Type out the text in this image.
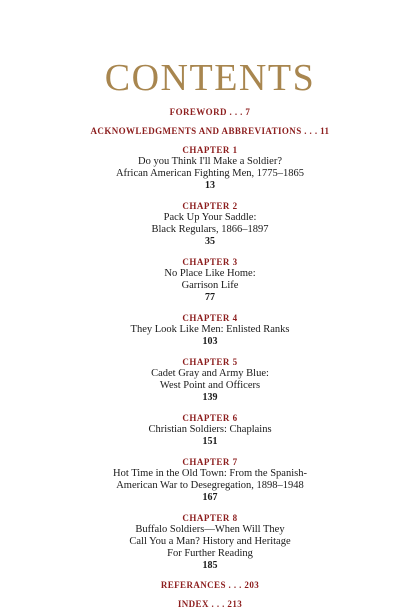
CONTENTS
FOREWORD . . . 7
ACKNOWLEDGMENTS AND ABBREVIATIONS . . . 11
CHAPTER 1
Do you Think I'll Make a Soldier?
African American Fighting Men, 1775–1865
13
CHAPTER 2
Pack Up Your Saddle:
Black Regulars, 1866–1897
35
CHAPTER 3
No Place Like Home:
Garrison Life
77
CHAPTER 4
They Look Like Men: Enlisted Ranks
103
CHAPTER 5
Cadet Gray and Army Blue:
West Point and Officers
139
CHAPTER 6
Christian Soldiers: Chaplains
151
CHAPTER 7
Hot Time in the Old Town: From the Spanish-
American War to Desegregation, 1898–1948
167
CHAPTER 8
Buffalo Soldiers—When Will They
Call You a Man? History and Heritage
For Further Reading
185
REFERANCES . . . 203
INDEX . . . 213
